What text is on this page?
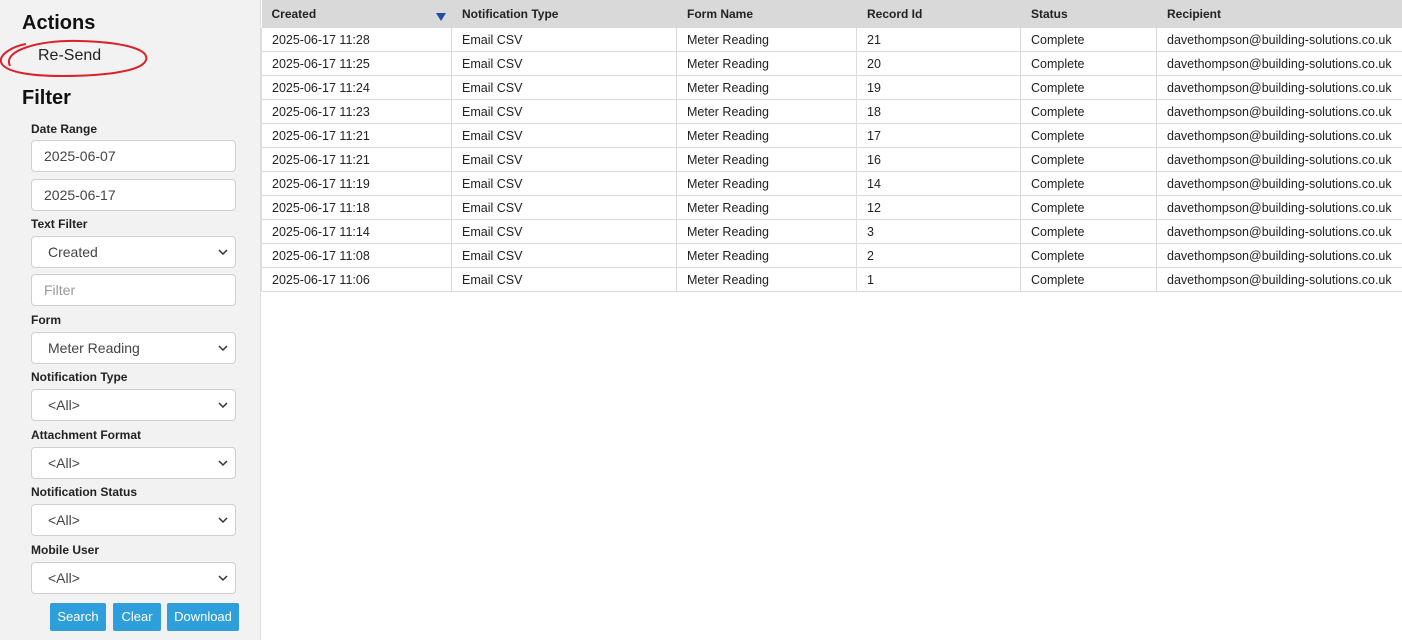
Actions
Re-Send
Filter
Date Range
2025-06-07
2025-06-17
Text Filter
Created
Filter
Form
Meter Reading
Notification Type
<All>
Attachment Format
<All>
Notification Status
<All>
Mobile User
<All>
Search	Clear	Download
Created	Notification Type	Form Name	Record Id	Status	Recipient
2025-06-17 11:28	Email CSV	Meter Reading	21	Complete	davethompson@building-solutions.co.uk
2025-06-17 11:25	Email CSV	Meter Reading	20	Complete	davethompson@building-solutions.co.uk
2025-06-17 11:24	Email CSV	Meter Reading	19	Complete	davethompson@building-solutions.co.uk
2025-06-17 11:23	Email CSV	Meter Reading	18	Complete	davethompson@building-solutions.co.uk
2025-06-17 11:21	Email CSV	Meter Reading	17	Complete	davethompson@building-solutions.co.uk
2025-06-17 11:21	Email CSV	Meter Reading	16	Complete	davethompson@building-solutions.co.uk
2025-06-17 11:19	Email CSV	Meter Reading	14	Complete	davethompson@building-solutions.co.uk
2025-06-17 11:18	Email CSV	Meter Reading	12	Complete	davethompson@building-solutions.co.uk
2025-06-17 11:14	Email CSV	Meter Reading	3	Complete	davethompson@building-solutions.co.uk
2025-06-17 11:08	Email CSV	Meter Reading	2	Complete	davethompson@building-solutions.co.uk
2025-06-17 11:06	Email CSV	Meter Reading	1	Complete	davethompson@building-solutions.co.uk
